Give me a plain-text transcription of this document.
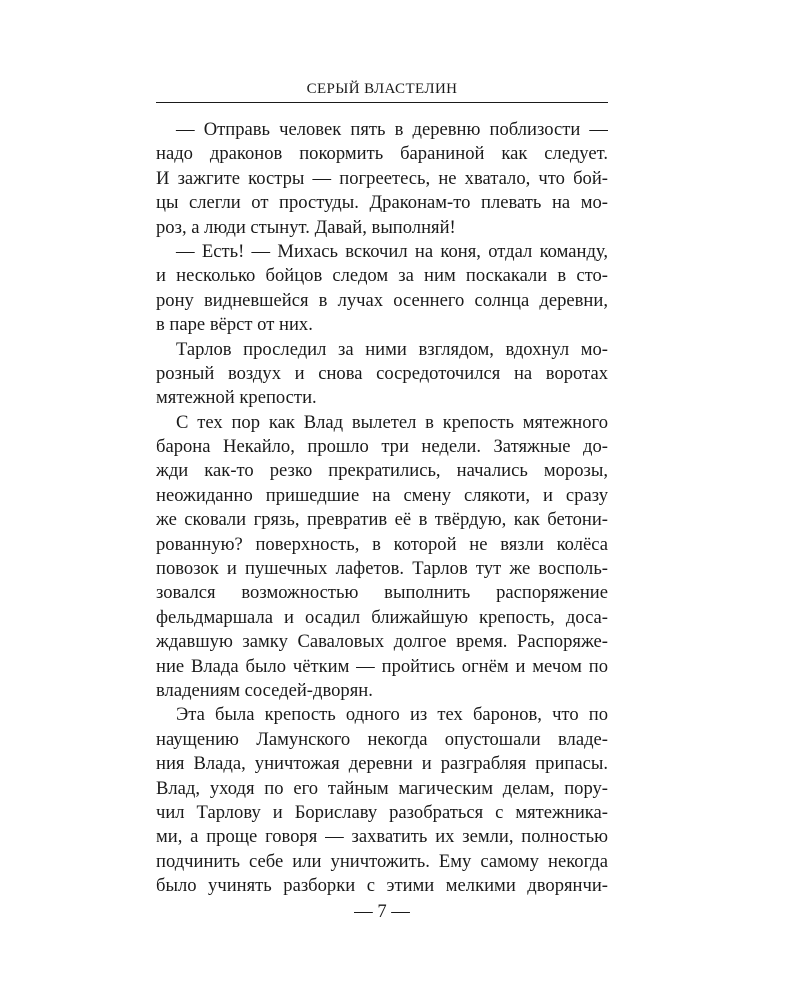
СЕРЫЙ ВЛАСТЕЛИН
— Отправь человек пять в деревню поблизости —
надо драконов покормить бараниной как следует.
И зажгите костры — погреетесь, не хватало, что бой-
цы слегли от простуды. Драконам-то плевать на мо-
роз, а люди стынут. Давай, выполняй!
— Есть! — Михась вскочил на коня, отдал команду,
и несколько бойцов следом за ним поскакали в сто-
рону видневшейся в лучах осеннего солнца деревни,
в паре вёрст от них.
Тарлов проследил за ними взглядом, вдохнул мо-
розный воздух и снова сосредоточился на воротах
мятежной крепости.
С тех пор как Влад вылетел в крепость мятежного
барона Некайло, прошло три недели. Затяжные до-
жди как-то резко прекратились, начались морозы,
неожиданно пришедшие на смену слякоти, и сразу
же сковали грязь, превратив её в твёрдую, как бетони-
рованную? поверхность, в которой не вязли колёса
повозок и пушечных лафетов. Тарлов тут же восполь-
зовался возможностью выполнить распоряжение
фельдмаршала и осадил ближайшую крепость, доса-
ждавшую замку Саваловых долгое время. Распоряже-
ние Влада было чётким — пройтись огнём и мечом по
владениям соседей-дворян.
Эта была крепость одного из тех баронов, что по
наущению Ламунского некогда опустошали владе-
ния Влада, уничтожая деревни и разграбляя припасы.
Влад, уходя по его тайным магическим делам, пору-
чил Тарлову и Бориславу разобраться с мятежника-
ми, а проще говоря — захватить их земли, полностью
подчинить себе или уничтожить. Ему самому некогда
было учинять разборки с этими мелкими дворянчи-
— 7 —
